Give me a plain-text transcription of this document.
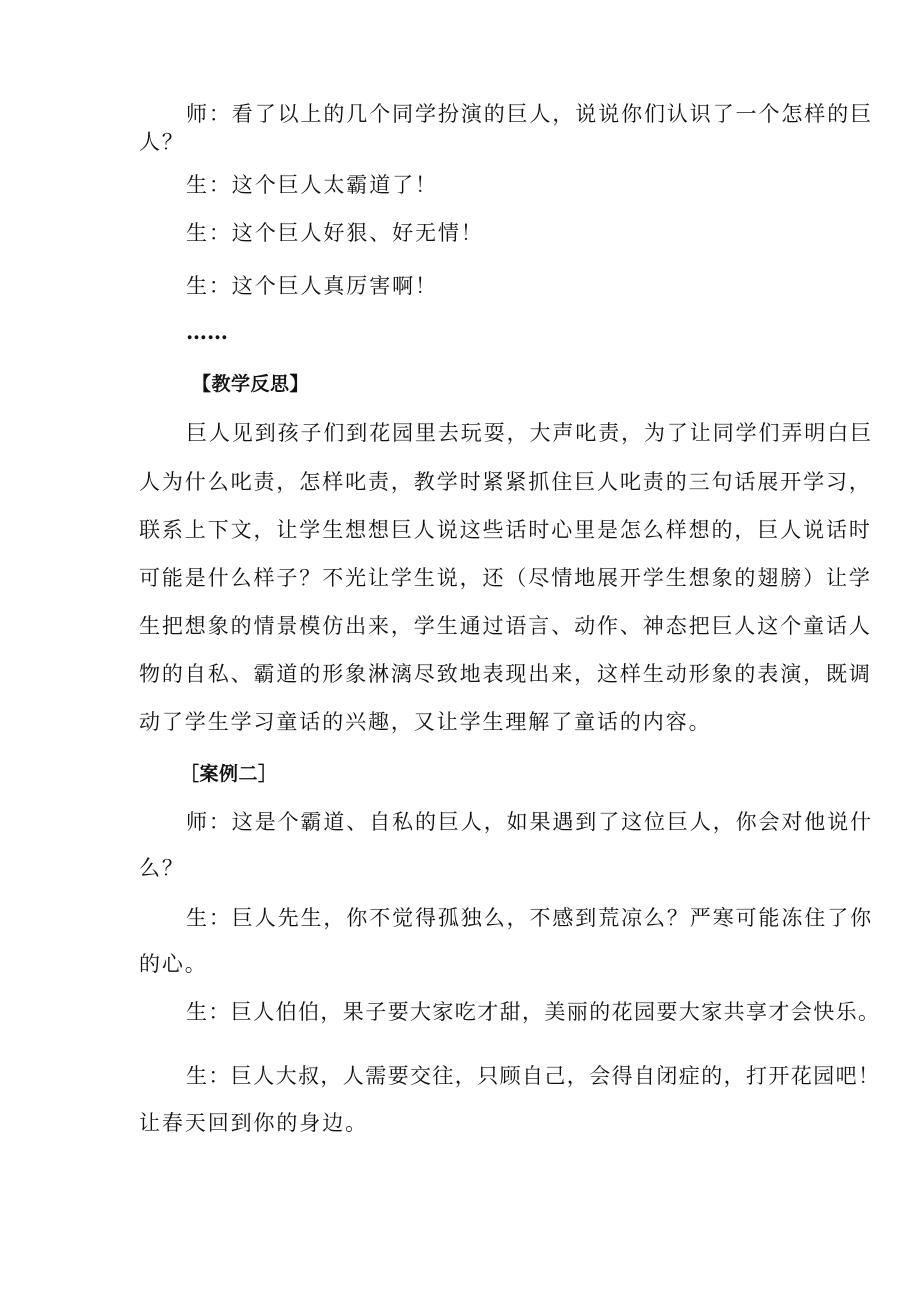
师：看了以上的几个同学扮演的巨人，说说你们认识了一个怎样的巨
人？
生：这个巨人太霸道了！
生：这个巨人好狠、好无情！
生：这个巨人真厉害啊！
……
【教学反思】
巨人见到孩子们到花园里去玩耍，大声叱责，为了让同学们弄明白巨
人为什么叱责，怎样叱责，教学时紧紧抓住巨人叱责的三句话展开学习，
联系上下文，让学生想想巨人说这些话时心里是怎么样想的，巨人说话时
可能是什么样子？不光让学生说，还（尽情地展开学生想象的翅膀）让学
生把想象的情景模仿出来，学生通过语言、动作、神态把巨人这个童话人
物的自私、霸道的形象淋漓尽致地表现出来，这样生动形象的表演，既调
动了学生学习童话的兴趣，又让学生理解了童话的内容。
［案例二］
师：这是个霸道、自私的巨人，如果遇到了这位巨人，你会对他说什
么？
生：巨人先生，你不觉得孤独么，不感到荒凉么？严寒可能冻住了你
的心。
生：巨人伯伯，果子要大家吃才甜，美丽的花园要大家共享才会快乐。
生：巨人大叔，人需要交往，只顾自己，会得自闭症的，打开花园吧！
让春天回到你的身边。
